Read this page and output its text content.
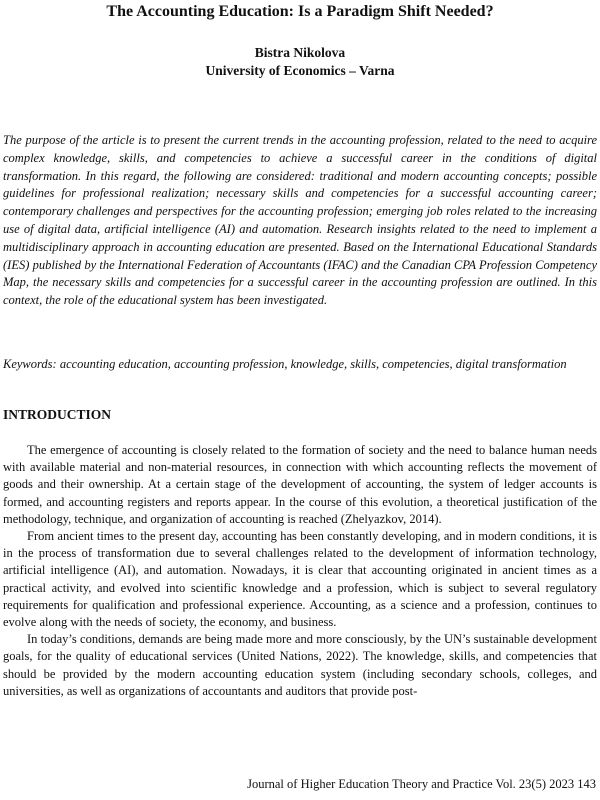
The Accounting Education: Is a Paradigm Shift Needed?
Bistra Nikolova
University of Economics – Varna

The purpose of the article is to present the current trends in the accounting profession, related to the need to acquire complex knowledge, skills, and competencies to achieve a successful career in the conditions of digital transformation. In this regard, the following are considered: traditional and modern accounting concepts; possible guidelines for professional realization; necessary skills and competencies for a successful accounting career; contemporary challenges and perspectives for the accounting profession; emerging job roles related to the increasing use of digital data, artificial intelligence (AI) and automation. Research insights related to the need to implement a multidisciplinary approach in accounting education are presented. Based on the International Educational Standards (IES) published by the International Federation of Accountants (IFAC) and the Canadian CPA Profession Competency Map, the necessary skills and competencies for a successful career in the accounting profession are outlined. In this context, the role of the educational system has been investigated.

Keywords: accounting education, accounting profession, knowledge, skills, competencies, digital transformation

INTRODUCTION

The emergence of accounting is closely related to the formation of society and the need to balance human needs with available material and non-material resources, in connection with which accounting reflects the movement of goods and their ownership. At a certain stage of the development of accounting, the system of ledger accounts is formed, and accounting registers and reports appear. In the course of this evolution, a theoretical justification of the methodology, technique, and organization of accounting is reached (Zhelyazkov, 2014).

From ancient times to the present day, accounting has been constantly developing, and in modern conditions, it is in the process of transformation due to several challenges related to the development of information technology, artificial intelligence (AI), and automation. Nowadays, it is clear that accounting originated in ancient times as a practical activity, and evolved into scientific knowledge and a profession, which is subject to several regulatory requirements for qualification and professional experience. Accounting, as a science and a profession, continues to evolve along with the needs of society, the economy, and business.

In today’s conditions, demands are being made more and more consciously, by the UN’s sustainable development goals, for the quality of educational services (United Nations, 2022). The knowledge, skills, and competencies that should be provided by the modern accounting education system (including secondary schools, colleges, and universities, as well as organizations of accountants and auditors that provide post-

Journal of Higher Education Theory and Practice Vol. 23(5) 2023 143
